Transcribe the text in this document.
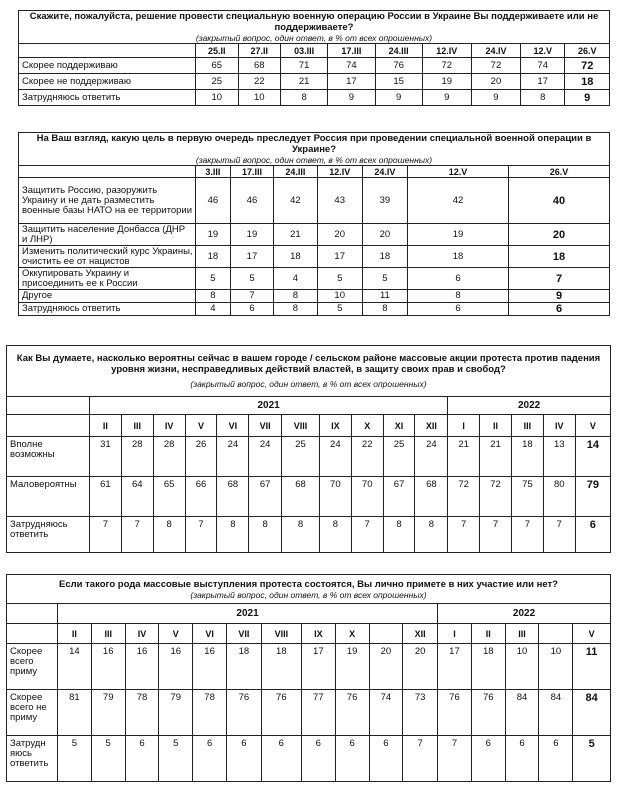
Скажите, пожалуйста, решение провести специальную военную операцию России в Украине Вы поддерживаете или не поддерживаете?
(закрытый вопрос, один ответ, в % от всех опрошенных)									

	25.II	27.II	03.III	17.III	24.III	12.IV	24.IV	12.V	26.V
Скорее поддерживаю	65	68	71	74	76	72	72	74	72
Скорее не поддерживаю	25	22	21	17	15	19	20	17	18
Затрудняюсь ответить	10	10	8	9	9	9	9	8	9
На Ваш взгляд, какую цель в первую очередь преследует Россия при проведении специальной военной операции в Украине?
(закрытый вопрос, один ответ, в % от всех опрошенных)							

	3.III	17.III	24.III	12.IV	24.IV	12.V	26.V
Защитить Россию, разоружить Украину и не дать разместить военные базы НАТО на ее территории	46	46	42	43	39	42	40
Защитить население Донбасса (ДНР и ЛНР)	19	19	21	20	20	19	20
Изменить политический курс Украины, очистить ее от нацистов	18	17	18	17	18	18	18
Оккупировать Украину и присоединить ее к России	5	5	4	5	5	6	7
Другое	8	7	8	10	11	8	9
Затрудняюсь ответить	4	6	8	5	8	6	6
Как Вы думаете, насколько вероятны сейчас в вашем городе / сельском районе массовые акции протеста против падения уровня жизни, несправедливых действий властей, в защиту своих прав и свобод?
(закрытый вопрос, один ответ, в % от всех опрошенных)																

	2021											2022				
	II	III	IV	V	VI	VII	VIII	IX	X	XI	XII	I	II	III	IV	V
Вполне возможны	31	28	28	26	24	24	25	24	22	25	24	21	21	18	13	14
Маловероятны	61	64	65	66	68	67	68	70	70	67	68	72	72	75	80	79
Затрудняюсь ответить	7	7	8	7	8	8	8	8	7	8	8	7	7	7	7	6
Если такого рода массовые выступления протеста состоятся, Вы лично примете в них участие или нет?
(закрытый вопрос, один ответ, в % от всех опрошенных)																

	2021											2022				
	II	III	IV	V	VI	VII	VIII	IX	X		XII	I	II	III		V
Скорее всего приму	14	16	16	16	16	18	18	17	19	20	20	17	18	10	10	11
Скорее всего не приму	81	79	78	79	78	76	76	77	76	74	73	76	76	84	84	84
Затрудн яюсь ответить	5	5	6	5	6	6	6	6	6	6	7	7	6	6	6	5
